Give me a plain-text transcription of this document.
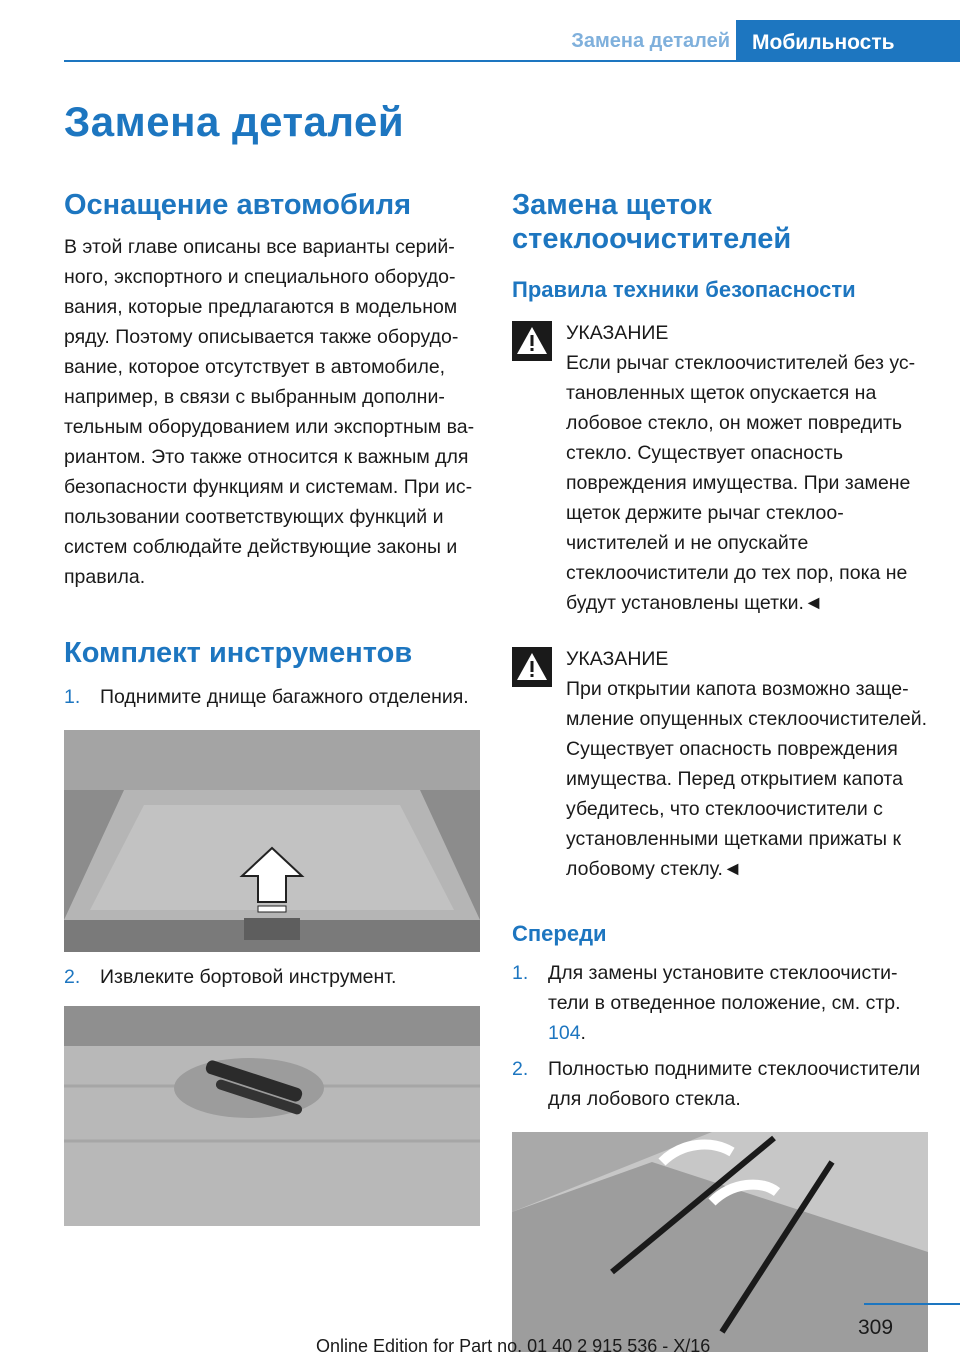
Замена деталей	Мобильность
Замена деталей
Оснащение автомобиля

В этой главе описаны все варианты серийного, экспортного и специального оборудования, которые предлагаются в модельном ряду. Поэтому описывается также оборудование, которое отсутствует в автомобиле, например, в связи с выбранным дополнительным оборудованием или экспортным вариантом. Это также относится к важным для безопасности функциям и системам. При использовании соответствующих функций и систем соблюдайте действующие законы и правила.

Комплект инструментов
1. Поднимите днище багажного отделения.
2. Извлеките бортовой инструмент.
Замена щеток стеклоочистителей
Правила техники безопасности
УКАЗАНИЕ
Если рычаг стеклоочистителей без установленных щеток опускается на лобовое стекло, он может повредить стекло. Существует опасность повреждения имущества. При замене щеток держите рычаг стеклоочистителей и не опускайте стеклоочистители до тех пор, пока не будут установлены щетки.◄
УКАЗАНИЕ
При открытии капота возможно защемление опущенных стеклоочистителей. Существует опасность повреждения имущества. Перед открытием капота убедитесь, что стеклоочистители с установленными щетками прижаты к лобовому стеклу.◄
Спереди
1. Для замены установите стеклоочистители в отведенное положение, см. стр. 104.
2. Полностью поднимите стеклоочистители для лобового стекла.
309
Online Edition for Part no. 01 40 2 915 536 - X/16
